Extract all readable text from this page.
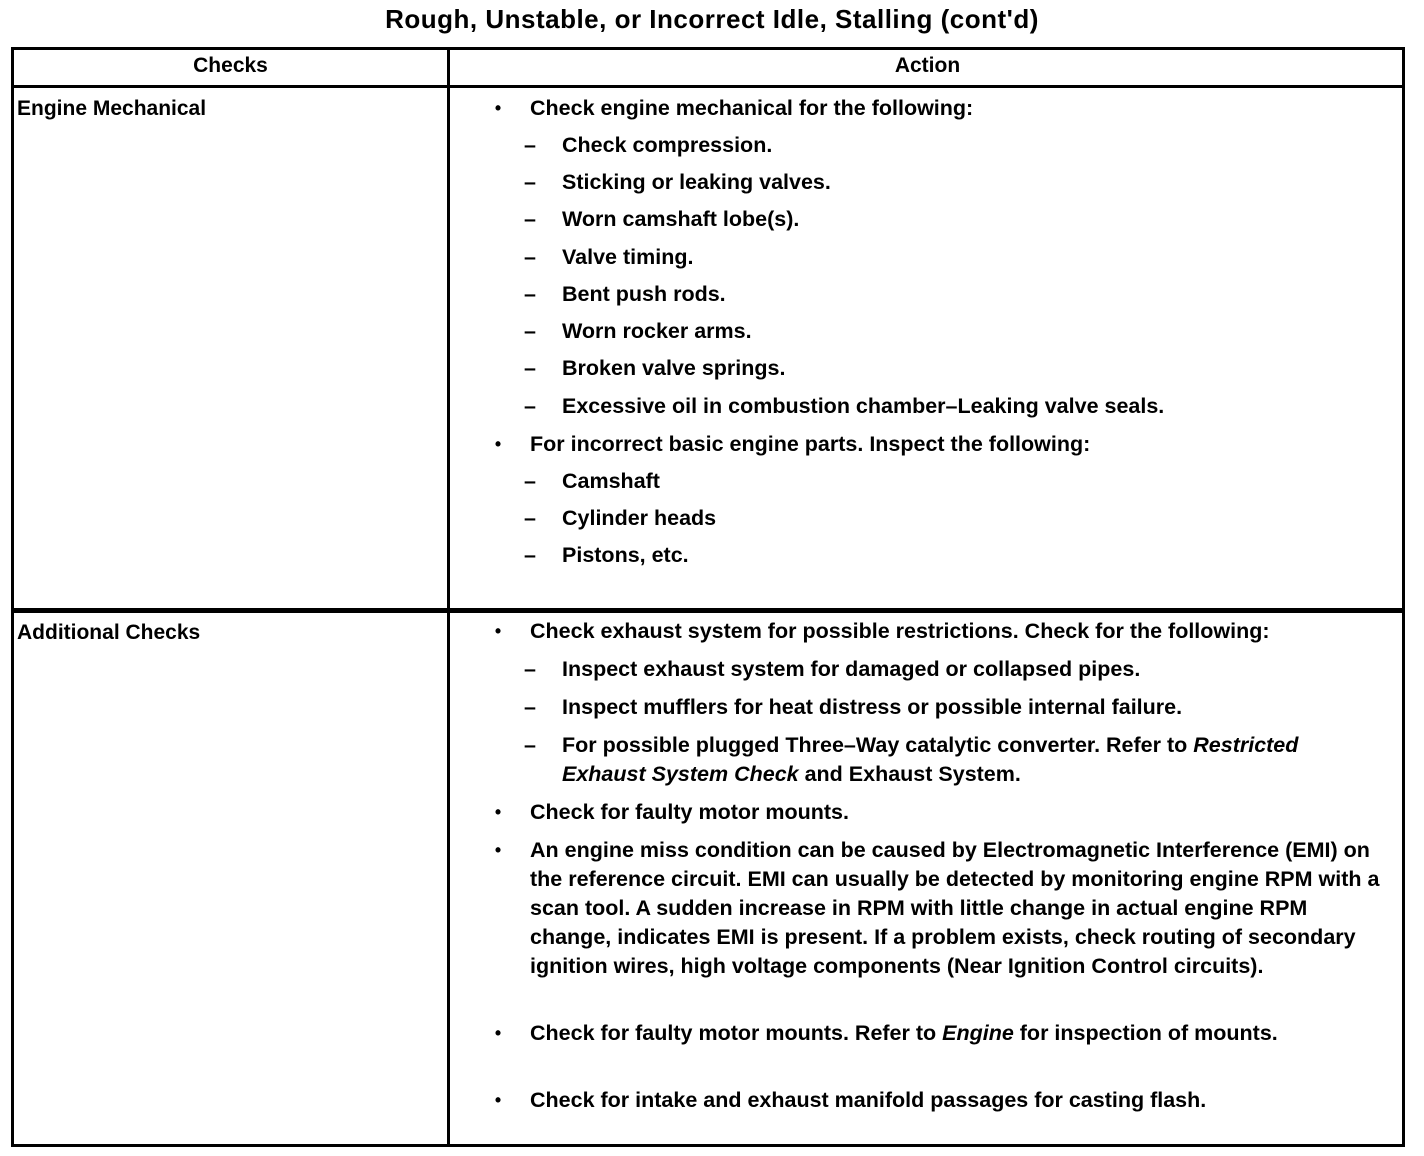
Rough, Unstable, or Incorrect Idle, Stalling (cont'd)
Checks	Action
Engine Mechanical	•	Check engine mechanical for the following:
–	Check compression.
–	Sticking or leaking valves.
–	Worn camshaft lobe(s).
–	Valve timing.
–	Bent push rods.
–	Worn rocker arms.
–	Broken valve springs.
–	Excessive oil in combustion chamber–Leaking valve seals.
•	For incorrect basic engine parts. Inspect the following:
–	Camshaft
–	Cylinder heads
–	Pistons, etc.
Additional Checks	•	Check exhaust system for possible restrictions. Check for the following:
–	Inspect exhaust system for damaged or collapsed pipes.
–	Inspect mufflers for heat distress or possible internal failure.
–	For possible plugged Three–Way catalytic converter. Refer to Restricted Exhaust System Check and Exhaust System.
•	Check for faulty motor mounts.
•	An engine miss condition can be caused by Electromagnetic Interference (EMI) on the reference circuit. EMI can usually be detected by monitoring engine RPM with a scan tool. A sudden increase in RPM with little change in actual engine RPM change, indicates EMI is present. If a problem exists, check routing of secondary ignition wires, high voltage components (Near Ignition Control circuits).
•	Check for faulty motor mounts. Refer to Engine for inspection of mounts.
•	Check for intake and exhaust manifold passages for casting flash.
